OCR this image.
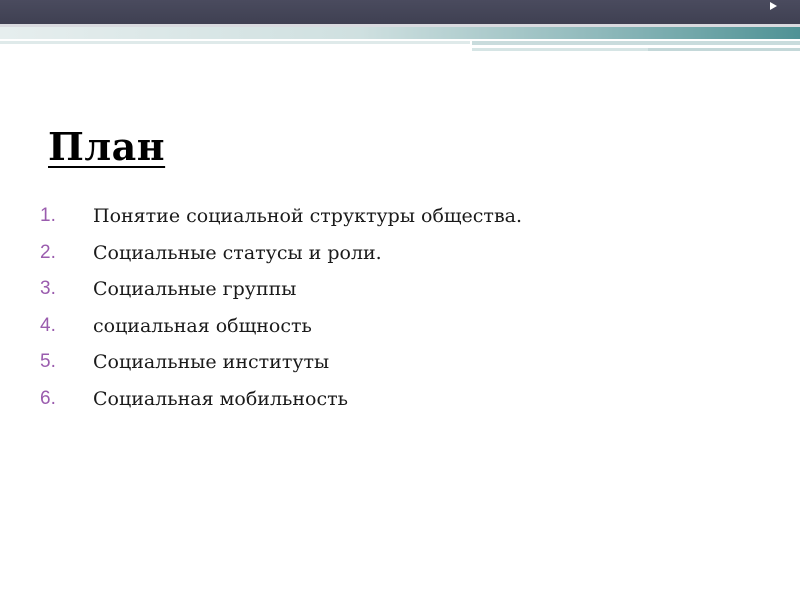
План
1. Понятие социальной структуры общества.
2. Социальные статусы и роли.
3. Социальные группы
4. социальная общность
5. Социальные институты
6. Социальная мобильность
